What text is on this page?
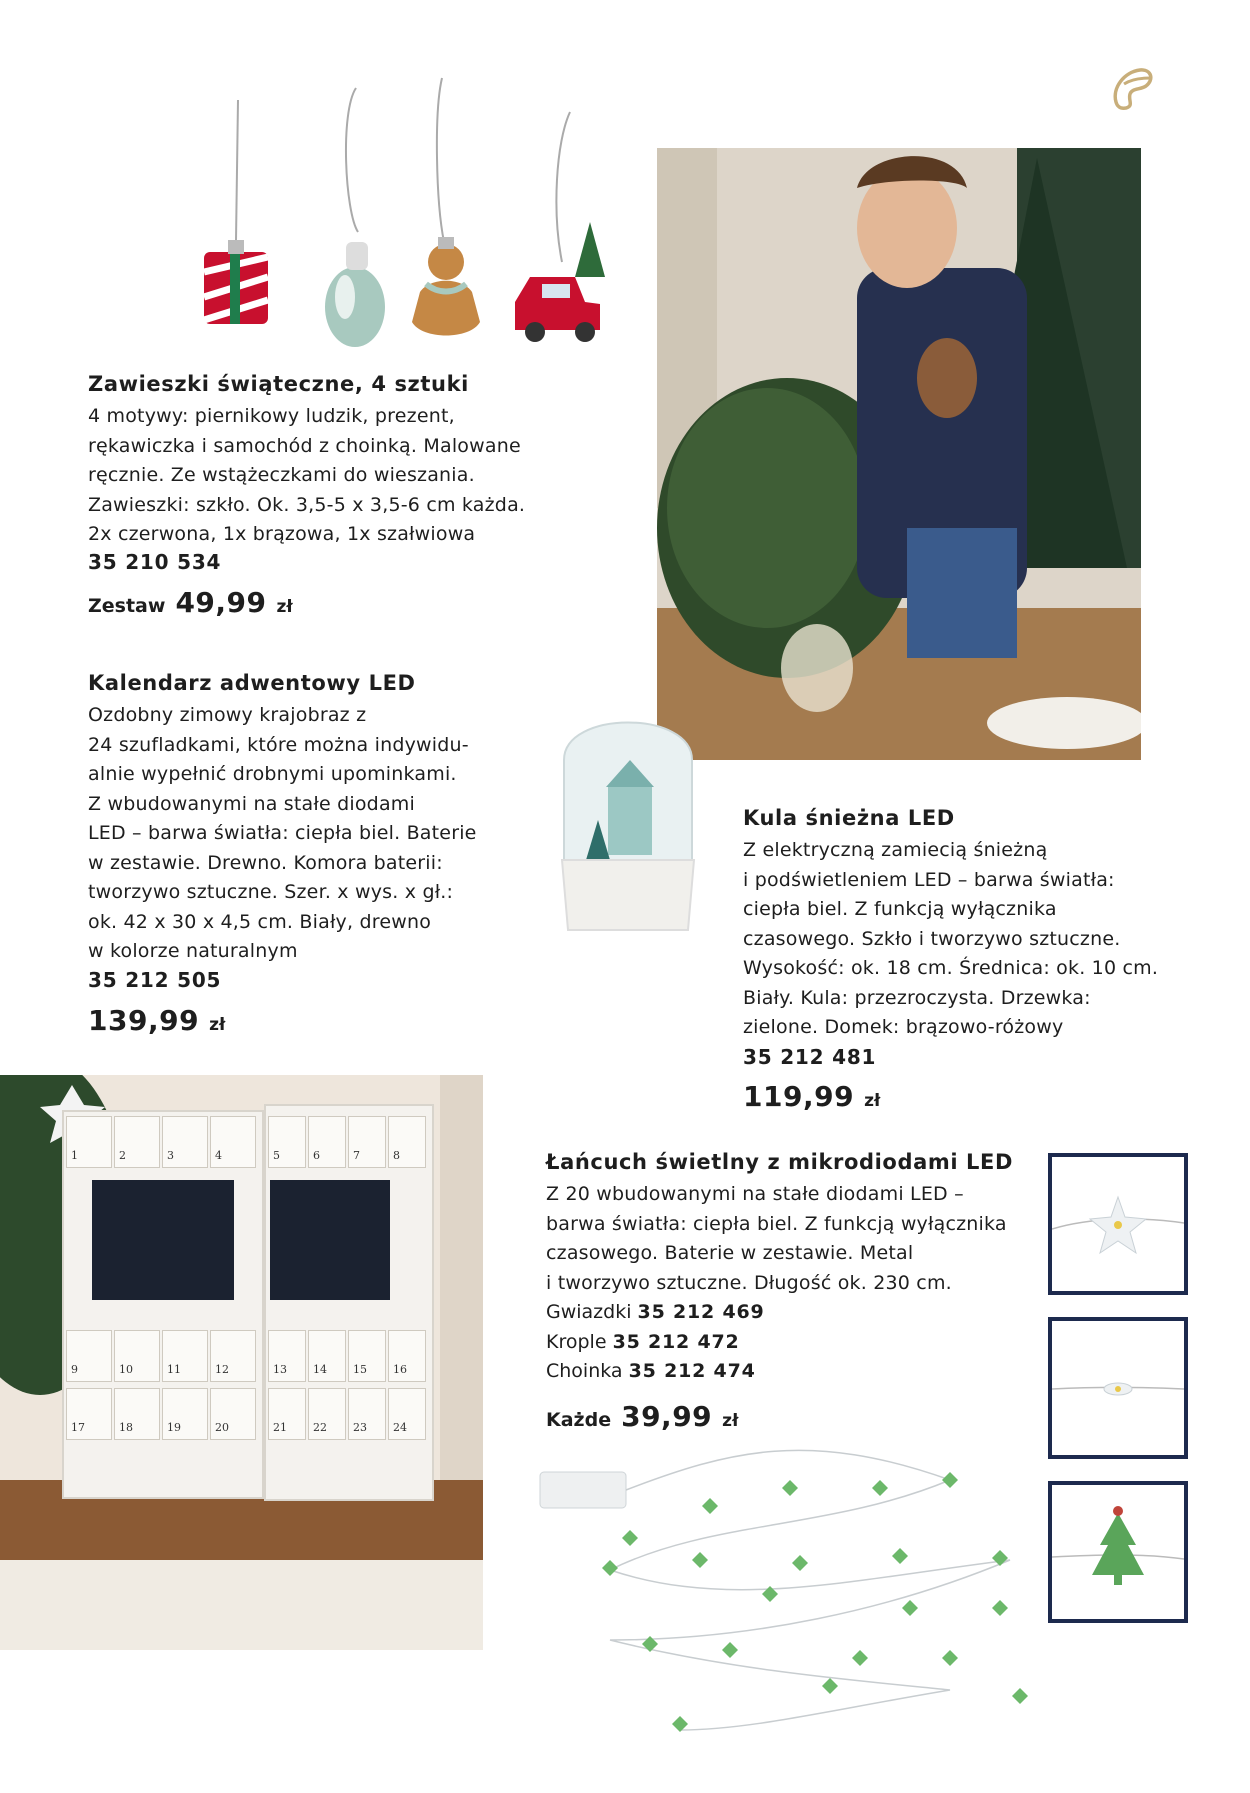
Zawieszki świąteczne, 4 sztuki
4 motywy: piernikowy ludzik, prezent,
rękawiczka i samochód z choinką. Malowane
ręcznie. Ze wstążeczkami do wieszania.
Zawieszki: szkło. Ok. 3,5-5 x 3,5-6 cm każda.
2x czerwona, 1x brązowa, 1x szałwiowa
35 210 534
Zestaw 49,99 zł
Kalendarz adwentowy LED
Ozdobny zimowy krajobraz z
24 szufladkami, które można indywidu-
alnie wypełnić drobnymi upominkami.
Z wbudowanymi na stałe diodami
LED – barwa światła: ciepła biel. Baterie
w zestawie. Drewno. Komora baterii:
tworzywo sztuczne. Szer. x wys. x gł.:
ok. 42 x 30 x 4,5 cm. Biały, drewno
w kolorze naturalnym
35 212 505
139,99 zł
Kula śnieżna LED
Z elektryczną zamiecią śnieżną
i podświetleniem LED – barwa światła:
ciepła biel. Z funkcją wyłącznika
czasowego. Szkło i tworzywo sztuczne.
Wysokość: ok. 18 cm. Średnica: ok. 10 cm.
Biały. Kula: przezroczysta. Drzewka:
zielone. Domek: brązowo-różowy
35 212 481
119,99 zł
1	2	3	4	5	6	7	8
9	10	11	12	13	14	15	16
17	18	19	20	21	22	23	24
Łańcuch świetlny z mikrodiodami LED
Z 20 wbudowanymi na stałe diodami LED –
barwa światła: ciepła biel. Z funkcją wyłącznika
czasowego. Baterie w zestawie. Metal
i tworzywo sztuczne. Długość ok. 230 cm.
Gwiazdki 35 212 469
Krople 35 212 472
Choinka 35 212 474
Każde 39,99 zł
